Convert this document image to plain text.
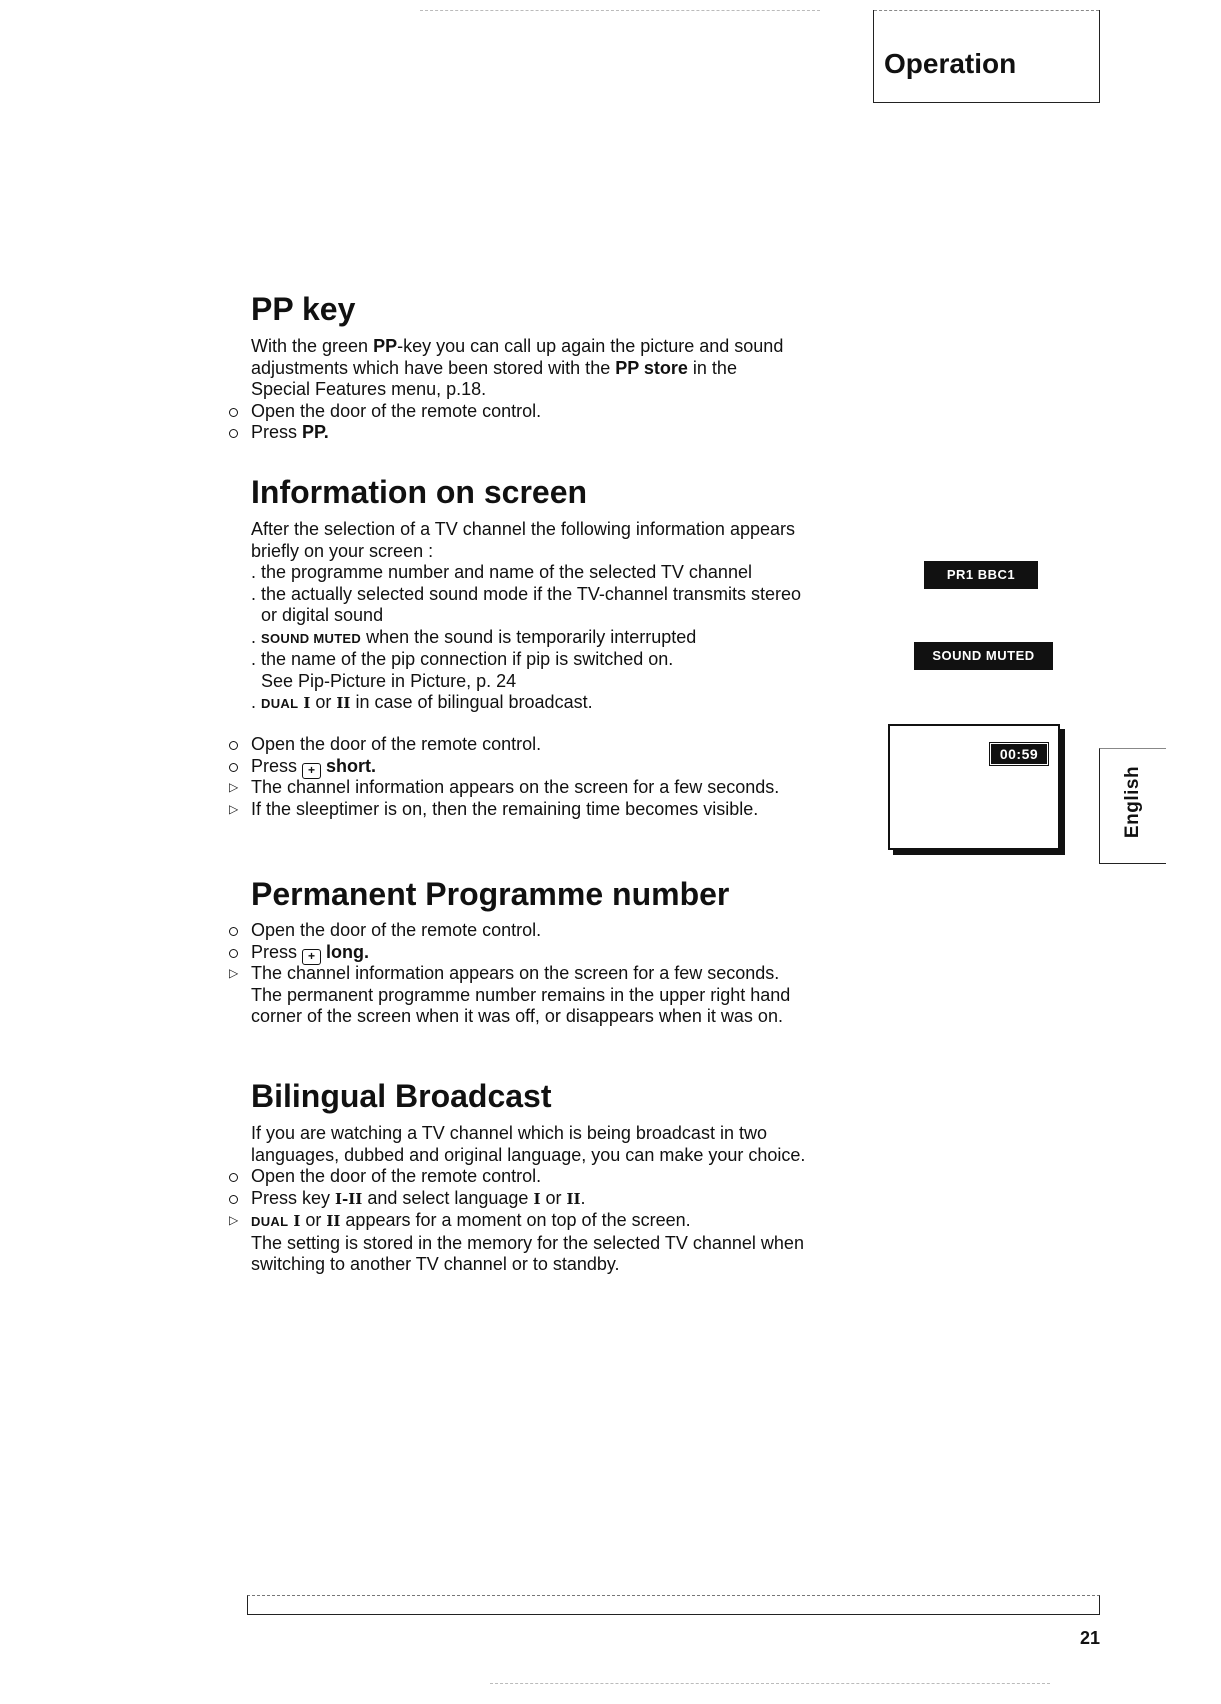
Operation
PP key
With the green PP-key you can call up again the picture and sound
adjustments which have been stored with the PP store in the
Special Features menu, p.18.
Open the door of the remote control.
Press PP.
Information on screen
After the selection of a TV channel the following information appears
briefly on your screen :
. the programme number and name of the selected TV channel
. the actually selected sound mode if the TV-channel transmits stereo
or digital sound
. SOUND MUTED when the sound is temporarily interrupted
. the name of the pip connection if pip is switched on.
See Pip-Picture in Picture, p. 24
. DUAL I or II in case of bilingual broadcast.
Open the door of the remote control.
Press + short.
▷ The channel information appears on the screen for a few seconds.
▷ If the sleeptimer is on, then the remaining time becomes visible.
Permanent Programme number
Open the door of the remote control.
Press + long.
▷ The channel information appears on the screen for a few seconds.
The permanent programme number remains in the upper right hand
corner of the screen when it was off, or disappears when it was on.
Bilingual Broadcast
If you are watching a TV channel which is being broadcast in two
languages, dubbed and original language, you can make your choice.
Open the door of the remote control.
Press key I-II and select language I or II.
▷ DUAL I or II appears for a moment on top of the screen.
The setting is stored in the memory for the selected TV channel when
switching to another TV channel or to standby.
PR1 BBC1
SOUND MUTED
00:59
English
21
